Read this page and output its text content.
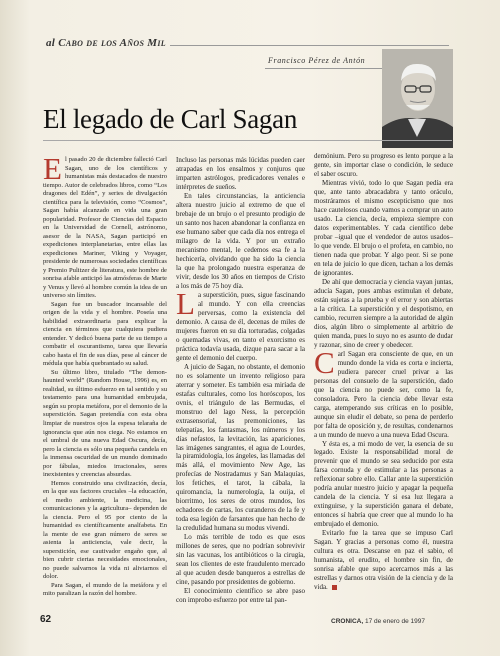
al Cabo de los Años Mil
Francisco Pérez de Antón
El legado de Carl Sagan

El pasado 20 de diciembre falleció Carl Sagan, uno de los científicos y humanistas más destacados de nuestro tiempo. Autor de celebrados libros, como “Los dragones del Edén”, y series de divulgación científica para la televisión, como “Cosmos”, Sagan había alcanzado en vida una gran popularidad. Profesor de Ciencias del Espacio en la Universidad de Cornell, astrónomo, asesor de la NASA, Sagan participó en expediciones interplanetarias, entre ellas las expediciones Mariner, Viking y Voyager, presidente de numerosas sociedades científicas y Premio Pulitzer de literatura, este hombre de sonrisa afable anticipó las atmósferas de Marte y Venus y llevó al hombre común la idea de un universo sin límites.

Sagan fue un buscador incansable del origen de la vida y el hombre. Poseía una habilidad extraordinaria para explicar la ciencia en términos que cualquiera pudiera entender. Y dedicó buena parte de su tiempo a combatir el oscurantismo, tarea que llevaría cabo hasta el fin de sus días, pese al cáncer de médula que había quebrantado su salud.

Su último libro, titulado “The demon-haunted world” (Random House, 1996) es, en realidad, su último esfuerzo en tal sentido y su testamento para una humanidad embrujada, según su propia metáfora, por el demonio de la superstición. Sagan pretendía con esta obra limpiar de nuestros ojos la espesa telaraña de ignorancia que aún nos ciega. No estamos en el umbral de una nueva Edad Oscura, decía, pero la ciencia es sólo una pequeña candela en la inmensa oscuridad de un mundo dominado por fábulas, miedos irracionales, seres inexistentes y creencias absurdas.

Hemos construido una civilización, decía, en la que sus factores cruciales –la educación, el medio ambiente, la medicina, las comunicaciones y la agricultura– dependen de la ciencia. Pero el 95 por ciento de la humanidad es científicamente analfabeta. En la mente de ese gran número de seres se asienta la anticiencia, vale decir, la superstición, ese cautivador engaño que, al bien cubrir ciertas necesidades emocionales, no puede salvarnos la vida ni aliviarnos el dolor.

Para Sagan, el mundo de la metáfora y el mito paralizan la razón del hombre.

Incluso las personas más lúcidas pueden caer atrapadas en los ensalmos y conjuros que imparten astrólogos, predicadores venales e intérpretes de sueños.

En tales circunstancias, la anticiencia altera nuestro juicio al extremo de que el brebaje de un brujo o el presunto prodigio de un santo nos hacen abandonar la confianza en ese humano saber que cada día nos entrega el milagro de la vida. Y por un extraño mecanismo mental, le cedemos esa fe a la hechicería, olvidando que ha sido la ciencia la que ha prolongado nuestra esperanza de vivir, desde los 30 años en tiempos de Cristo a los más de 75 hoy día.

La superstición, pues, sigue fascinando al mundo. Y con ella creencias perversas, como la existencia del demonio. A causa de él, decenas de miles de mujeres fueron en su día torturadas, colgadas o quemadas vivas, en tanto el exorcismo es práctica todavía usada, dizque para sacar a la gente el demonio del cuerpo.

A juicio de Sagan, no obstante, el demonio no es solamente un invento religioso para aterrar y someter. Es también esa miríada de estafas culturales, como los horóscopos, los ovnis, el triángulo de las Bermudas, el monstruo del lago Ness, la percepción extrasensorial, las premoniciones, las telepatías, los fantasmas, los números y los días nefastos, la levitación, las apariciones, las imágenes sangrantes, el agua de Lourdes, la piramidología, los ángeles, las llamadas del más allá, el movimiento New Age, las profecías de Nostradamus y San Malaquías, los fetiches, el tarot, la cábala, la quiromancia, la numerología, la ouija, el biorritmo, los seres de otros mundos, los echadores de cartas, los curanderos de la fe y toda esa legión de farsantes que han hecho de la credulidad humana su modus vivendi.

Lo más terrible de todo es que esos millones de seres, que no podrían sobrevivir sin las vacunas, los antibióticos o la cirugía, sean los clientes de este fraudulento mercado al que acuden desde banqueros a estrellas de cine, pasando por presidentes de gobierno.

El conocimiento científico se abre paso con improbo esfuerzo por entre tal pan-

demónium. Pero su progreso es lento porque a la gente, sin importar clase o condición, le seduce el saber oscuro.

Mientras vivió, todo lo que Sagan pedía era que, ante tanto abracadabra y tanto oráculo, mostráramos el mismo escepticismo que nos hace cautelosos cuando vamos a comprar un auto usado. La ciencia, decía, empieza siempre con datos experimentables. Y cada científico debe probar –igual que el vendedor de autos usados– lo que vende. El brujo o el profeta, en cambio, no tienen nada que probar. Y algo peor. Si se pone en tela de juicio lo que dicen, tachan a los demás de ignorantes.

De ahí que democracia y ciencia vayan juntas, aducía Sagan, pues ambas estimulan el debate, están sujetas a la prueba y el error y son abiertas a la crítica. La superstición y el despotismo, en cambio, recurren siempre a la autoridad de algún dios, algún libro o simplemente al arbitrio de quien manda, pues lo suyo no es asunto de dudar y razonar, sino de creer y obedecer.

Carl Sagan era consciente de que, en un mundo donde la vida es corta e incierta, pudiera parecer cruel privar a las personas del consuelo de la superstición, dado que la ciencia no puede ser, como la fe, consoladora. Pero la ciencia debe llevar esta carga, atemperando sus críticas en lo posible, aunque sin eludir el debate, so pena de perderlo por falta de oposición y, de resultas, condenarnos a un mundo de nuevo a una nueva Edad Oscura.

Y ésta es, a mi modo de ver, la esencia de su legado. Existe la responsabilidad moral de prevenir que el mundo se sea seducido por esta farsa cornuda y de estimular a las personas a reflexionar sobre ello. Callar ante la superstición podría anular nuestro juicio y apagar la pequeña candela de la ciencia. Y si esa luz llegara a extinguirse, y la superstición ganara el debate, entonces sí habría que creer que al mundo lo ha embrujado el demonio.

Evitarlo fue la tarea que se impuso Carl Sagan. Y gracias a personas como él, nuestra cultura es otra. Descanse en paz el sabio, el humanista, el erudito, el hombre sin fin, de sonrisa afable que supo acercarnos más a las estrellas y darnos otra visión de la ciencia y de la vida.

62	CRONICA, 17 de enero de 1997
